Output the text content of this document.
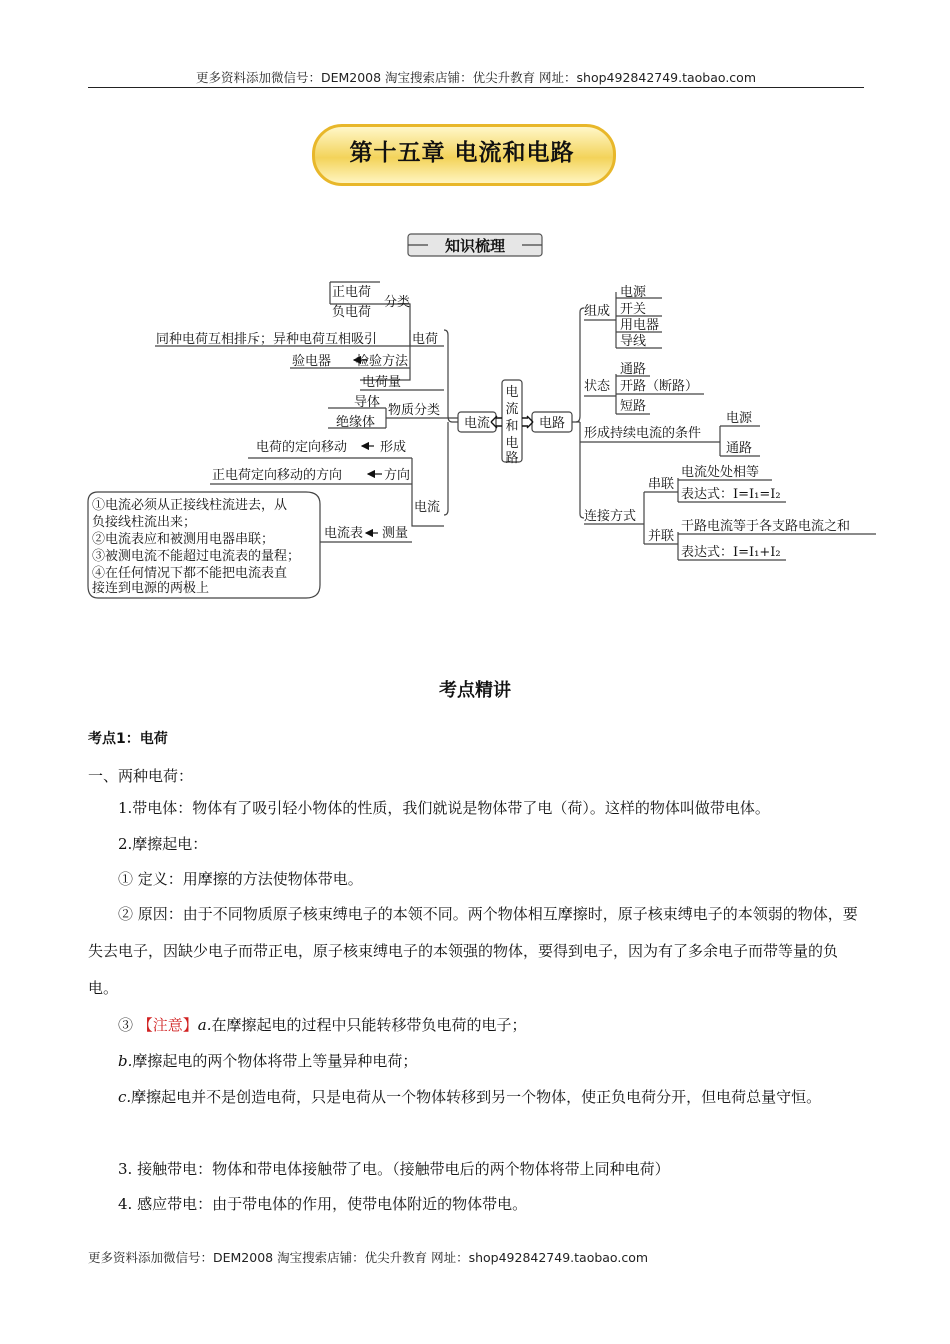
更多资料添加微信号：DEM2008 淘宝搜索店铺：优尖升教育 网址：shop492842749.taobao.com
第十五章 电流和电路
知识梳理
电
流
和
电
路
电流	电路
正电荷
负电荷
分类
同种电荷互相排斥；异种电荷互相吸引	电荷
验电器 检验方法
电荷量
导体
绝缘体
物质分类
电荷的定向移动	形成
正电荷定向移动的方向	方向
电流
电流表 测量
①电流必须从正接线柱流进去，从
负接线柱流出来；
②电流表应和被测用电器串联；
③被测电流不能超过电流表的量程；
④在任何情况下都不能把电流表直
接连到电源的两极上
组成
电源
开关
用电器
导线
状态
通路
开路（断路）
短路
形成持续电流的条件
电源
通路
连接方式
串联
电流处处相等
表达式：I=I₁=I₂
并联
干路电流等于各支路电流之和
表达式：I=I₁+I₂
考点精讲
考点1：电荷
一、两种电荷：
1.带电体：物体有了吸引轻小物体的性质，我们就说是物体带了电（荷）。这样的物体叫做带电体。
2.摩擦起电：
① 定义：用摩擦的方法使物体带电。
② 原因：由于不同物质原子核束缚电子的本领不同。两个物体相互摩擦时，原子核束缚电子的本领弱的物体，要失去电子，因缺少电子而带正电，原子核束缚电子的本领强的物体，要得到电子，因为有了多余电子而带等量的负电。
③ 【注意】a.在摩擦起电的过程中只能转移带负电荷的电子；
b.摩擦起电的两个物体将带上等量异种电荷；
c.摩擦起电并不是创造电荷，只是电荷从一个物体转移到另一个物体，使正负电荷分开，但电荷总量守恒。
3. 接触带电：物体和带电体接触带了电。（接触带电后的两个物体将带上同种电荷）
4. 感应带电：由于带电体的作用，使带电体附近的物体带电。
更多资料添加微信号：DEM2008 淘宝搜索店铺：优尖升教育 网址：shop492842749.taobao.com
